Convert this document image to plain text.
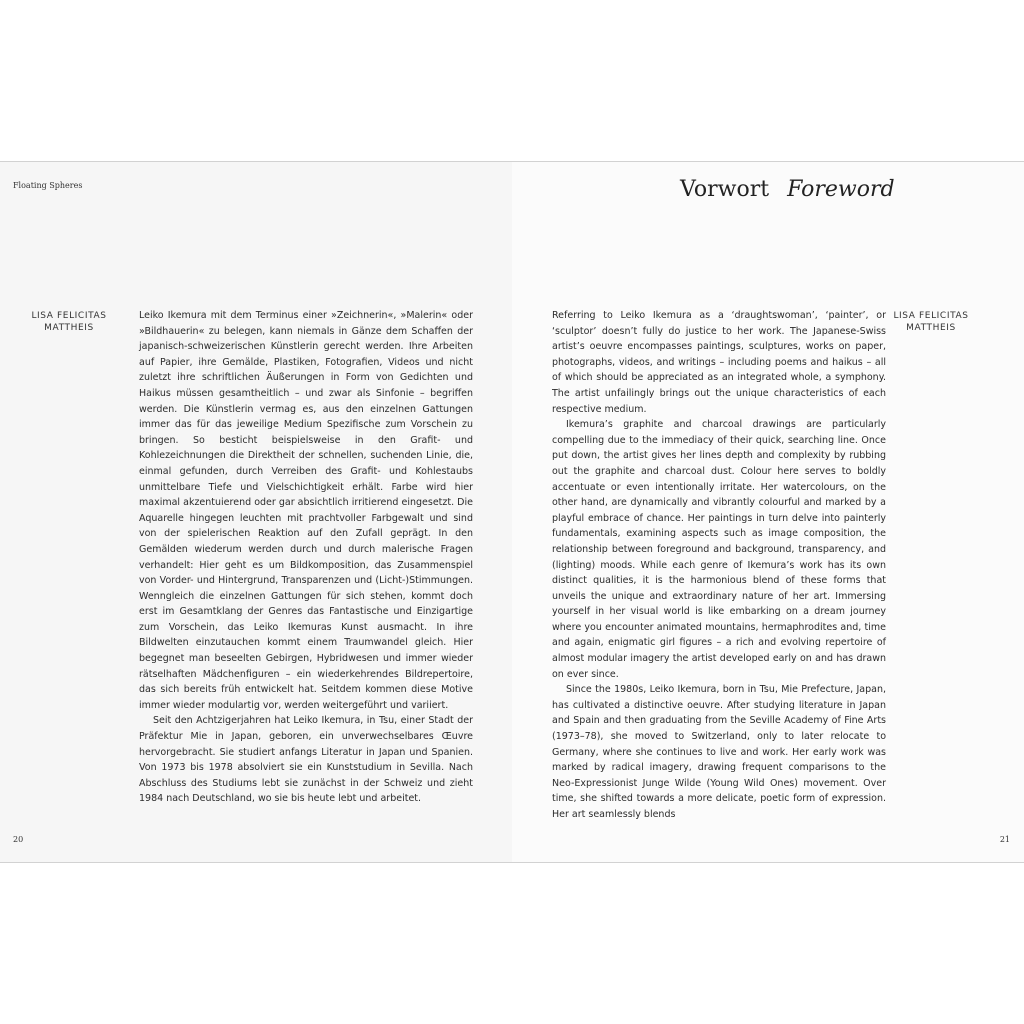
Floating Spheres
LISA FELICITAS
MATTHEIS

Leiko Ikemura mit dem Terminus einer »Zeichnerin«, »Malerin« oder »Bildhauerin« zu belegen, kann niemals in Gänze dem Schaffen der japanisch-schweizerischen Künstlerin gerecht werden. Ihre Arbeiten auf Papier, ihre Gemälde, Plastiken, Fotografien, Videos und nicht zuletzt ihre schriftlichen Äußerungen in Form von Gedichten und Haikus müssen gesamtheitlich – und zwar als Sinfonie – begriffen werden. Die Künstlerin vermag es, aus den einzelnen Gattungen immer das für das jeweilige Medium Spezifische zum Vorschein zu bringen. So besticht beispielsweise in den Grafit- und Kohlezeichnungen die Direktheit der schnellen, suchenden Linie, die, einmal gefunden, durch Verreiben des Grafit- und Kohlestaubs unmittelbare Tiefe und Vielschichtigkeit erhält. Farbe wird hier maximal akzentuierend oder gar absichtlich irritierend eingesetzt. Die Aquarelle hingegen leuchten mit prachtvoller Farbgewalt und sind von der spielerischen Reaktion auf den Zufall geprägt. In den Gemälden wiederum werden durch und durch malerische Fragen verhandelt: Hier geht es um Bildkomposition, das Zusammenspiel von Vorder- und Hintergrund, Transparenzen und (Licht-)Stimmungen. Wenngleich die einzelnen Gattungen für sich stehen, kommt doch erst im Gesamtklang der Genres das Fantastische und Einzigartige zum Vorschein, das Leiko Ikemuras Kunst ausmacht. In ihre Bildwelten einzutauchen kommt einem Traumwandel gleich. Hier begegnet man beseelten Gebirgen, Hybridwesen und immer wieder rätselhaften Mädchenfiguren – ein wiederkehrendes Bildrepertoire, das sich bereits früh entwickelt hat. Seitdem kommen diese Motive immer wieder modulartig vor, werden weitergeführt und variiert.

Seit den Achtzigerjahren hat Leiko Ikemura, in Tsu, einer Stadt der Präfektur Mie in Japan, geboren, ein unverwechselbares Œuvre hervorgebracht. Sie studiert anfangs Literatur in Japan und Spanien. Von 1973 bis 1978 absolviert sie ein Kunststudium in Sevilla. Nach Abschluss des Studiums lebt sie zunächst in der Schweiz und zieht 1984 nach Deutschland, wo sie bis heute lebt und arbeitet.

20
Vorwort Foreword

Referring to Leiko Ikemura as a ‘draughtswoman’, ‘painter’, or ‘sculptor’ doesn’t fully do justice to her work. The Japanese-Swiss artist’s oeuvre encompasses paintings, sculptures, works on paper, photographs, videos, and writings – including poems and haikus – all of which should be appreciated as an integrated whole, a symphony. The artist unfailingly brings out the unique characteristics of each respective medium.

Ikemura’s graphite and charcoal drawings are particularly compelling due to the immediacy of their quick, searching line. Once put down, the artist gives her lines depth and complexity by rubbing out the graphite and charcoal dust. Colour here serves to boldly accentuate or even intentionally irritate. Her watercolours, on the other hand, are dynamically and vibrantly colourful and marked by a playful embrace of chance. Her paintings in turn delve into painterly fundamentals, examining aspects such as image composition, the relationship between foreground and background, transparency, and (lighting) moods. While each genre of Ikemura’s work has its own distinct qualities, it is the harmonious blend of these forms that unveils the unique and extraordinary nature of her art. Immersing yourself in her visual world is like embarking on a dream journey where you encounter animated mountains, hermaphrodites and, time and again, enigmatic girl figures – a rich and evolving repertoire of almost modular imagery the artist developed early on and has drawn on ever since.

Since the 1980s, Leiko Ikemura, born in Tsu, Mie Prefecture, Japan, has cultivated a distinctive oeuvre. After studying literature in Japan and Spain and then graduating from the Seville Academy of Fine Arts (1973–78), she moved to Switzerland, only to later relocate to Germany, where she continues to live and work. Her early work was marked by radical imagery, drawing frequent comparisons to the Neo-Expressionist Junge Wilde (Young Wild Ones) movement. Over time, she shifted towards a more delicate, poetic form of expression. Her art seamlessly blends

LISA FELICITAS
MATTHEIS
21
